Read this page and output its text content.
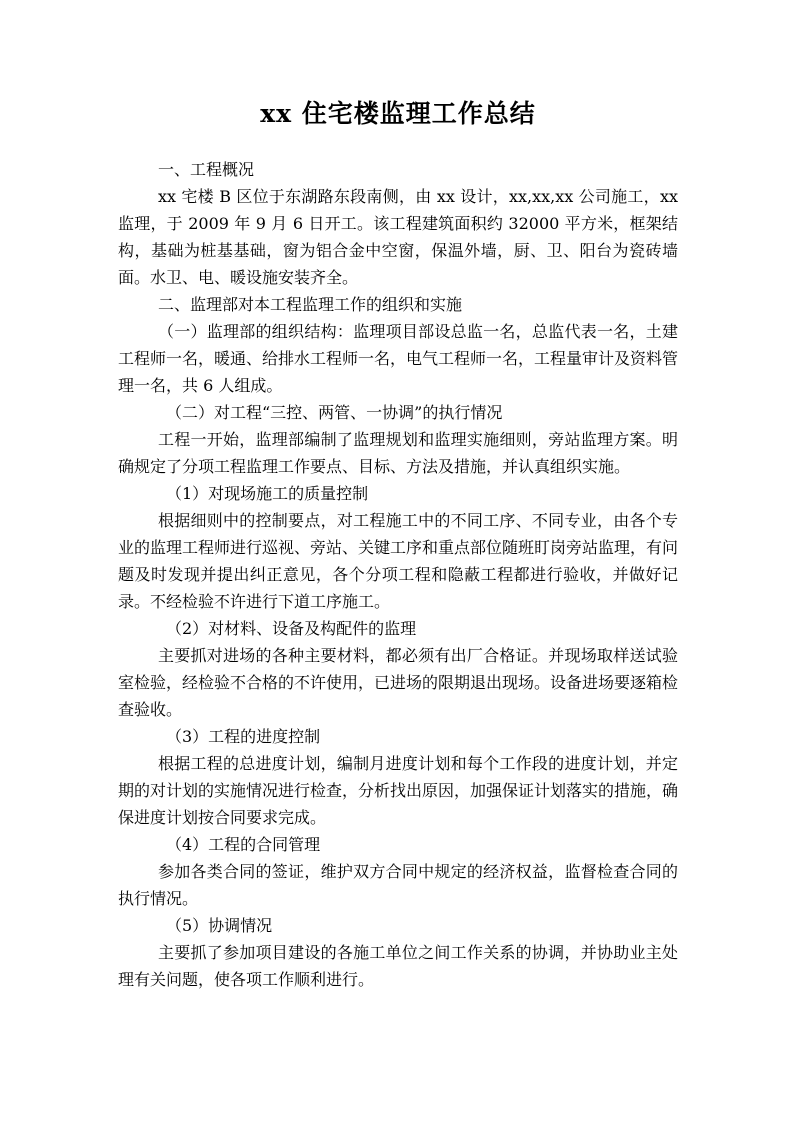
xx 住宅楼监理工作总结

一、工程概况

xx 宅楼 B 区位于东湖路东段南侧，由 xx 设计，xx,xx,xx 公司施工，xx 监理，于 2009 年 9 月 6 日开工。该工程建筑面积约 32000 平方米，框架结构，基础为桩基基础，窗为铝合金中空窗，保温外墙，厨、卫、阳台为瓷砖墙面。水卫、电、暖设施安装齐全。

二、监理部对本工程监理工作的组织和实施

（一）监理部的组织结构：监理项目部设总监一名，总监代表一名，土建工程师一名，暖通、给排水工程师一名，电气工程师一名，工程量审计及资料管理一名，共 6 人组成。

（二）对工程“三控、两管、一协调”的执行情况

工程一开始，监理部编制了监理规划和监理实施细则，旁站监理方案。明确规定了分项工程监理工作要点、目标、方法及措施，并认真组织实施。

（1）对现场施工的质量控制

根据细则中的控制要点，对工程施工中的不同工序、不同专业，由各个专业的监理工程师进行巡视、旁站、关键工序和重点部位随班盯岗旁站监理，有问题及时发现并提出纠正意见，各个分项工程和隐蔽工程都进行验收，并做好记录。不经检验不许进行下道工序施工。

（2）对材料、设备及构配件的监理

主要抓对进场的各种主要材料，都必须有出厂合格证。并现场取样送试验室检验，经检验不合格的不许使用，已进场的限期退出现场。设备进场要逐箱检查验收。

（3）工程的进度控制

根据工程的总进度计划，编制月进度计划和每个工作段的进度计划，并定期的对计划的实施情况进行检查，分析找出原因，加强保证计划落实的措施，确保进度计划按合同要求完成。

（4）工程的合同管理

参加各类合同的签证，维护双方合同中规定的经济权益，监督检查合同的执行情况。

（5）协调情况

主要抓了参加项目建设的各施工单位之间工作关系的协调，并协助业主处理有关问题，使各项工作顺利进行。
